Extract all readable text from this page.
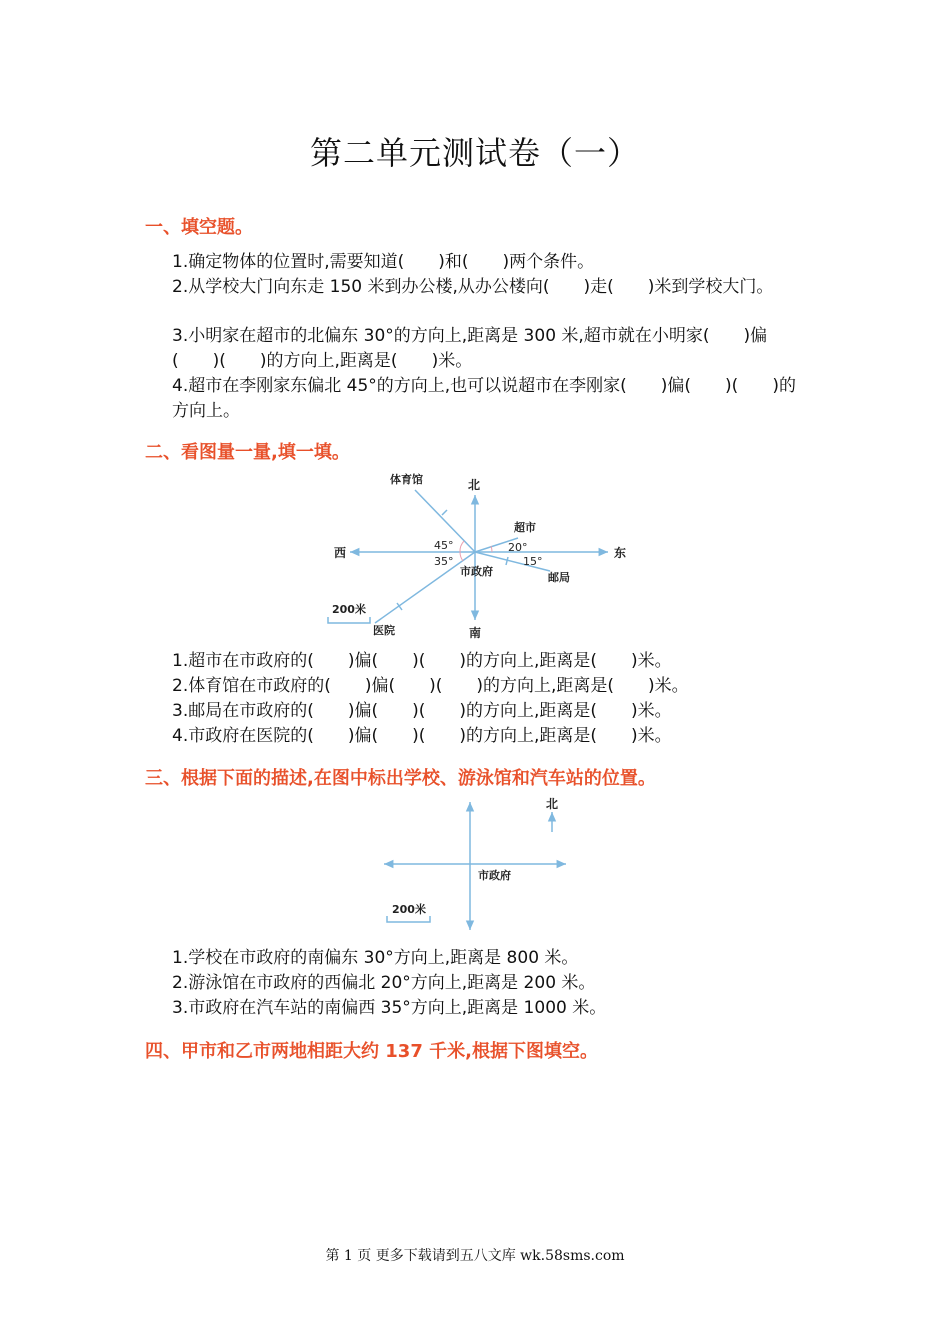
第二单元测试卷（一）
一、填空题。
1.确定物体的位置时,需要知道(　　)和(　　)两个条件。
2.从学校大门向东走 150 米到办公楼,从办公楼向(　　)走(　　)米到学校大门。
3.小明家在超市的北偏东 30°的方向上,距离是 300 米,超市就在小明家(　　)偏(　　)(　　)的方向上,距离是(　　)米。
4.超市在李刚家东偏北 45°的方向上,也可以说超市在李刚家(　　)偏(　　)(　　)的方向上。
二、看图量一量,填一填。
北
南
东
西
体育馆
超市
邮局
医院
市政府
45°
35°
20°
15°
200米
1.超市在市政府的(　　)偏(　　)(　　)的方向上,距离是(　　)米。
2.体育馆在市政府的(　　)偏(　　)(　　)的方向上,距离是(　　)米。
3.邮局在市政府的(　　)偏(　　)(　　)的方向上,距离是(　　)米。
4.市政府在医院的(　　)偏(　　)(　　)的方向上,距离是(　　)米。
三、根据下面的描述,在图中标出学校、游泳馆和汽车站的位置。
北
市政府
200米
1.学校在市政府的南偏东 30°方向上,距离是 800 米。
2.游泳馆在市政府的西偏北 20°方向上,距离是 200 米。
3.市政府在汽车站的南偏西 35°方向上,距离是 1000 米。
四、甲市和乙市两地相距大约 137 千米,根据下图填空。
第 1 页 更多下载请到五八文库 wk.58sms.com
